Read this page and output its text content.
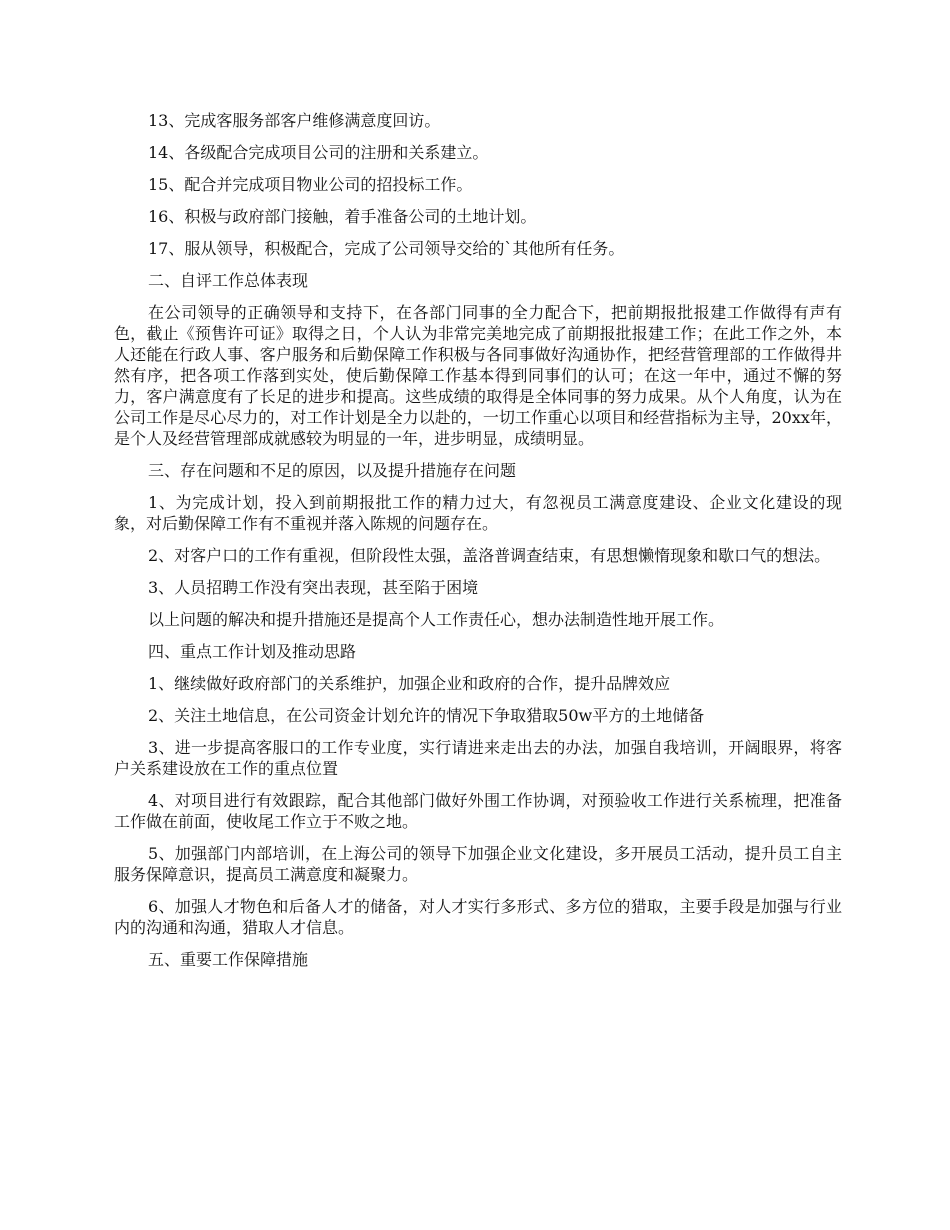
13、完成客服务部客户维修满意度回访。

14、各级配合完成项目公司的注册和关系建立。

15、配合并完成项目物业公司的招投标工作。

16、积极与政府部门接触，着手准备公司的土地计划。

17、服从领导，积极配合，完成了公司领导交给的`其他所有任务。

二、自评工作总体表现

在公司领导的正确领导和支持下，在各部门同事的全力配合下，把前期报批报建工作做得有声有色，截止《预售许可证》取得之日，个人认为非常完美地完成了前期报批报建工作；在此工作之外，本人还能在行政人事、客户服务和后勤保障工作积极与各同事做好沟通协作，把经营管理部的工作做得井然有序，把各项工作落到实处，使后勤保障工作基本得到同事们的认可；在这一年中，通过不懈的努力，客户满意度有了长足的进步和提高。这些成绩的取得是全体同事的努力成果。从个人角度，认为在公司工作是尽心尽力的，对工作计划是全力以赴的，一切工作重心以项目和经营指标为主导，20xx年，是个人及经营管理部成就感较为明显的一年，进步明显，成绩明显。

三、存在问题和不足的原因，以及提升措施存在问题

1、为完成计划，投入到前期报批工作的精力过大，有忽视员工满意度建设、企业文化建设的现象，对后勤保障工作有不重视并落入陈规的问题存在。

2、对客户口的工作有重视，但阶段性太强，盖洛普调查结束，有思想懒惰现象和歇口气的想法。

3、人员招聘工作没有突出表现，甚至陷于困境

以上问题的解决和提升措施还是提高个人工作责任心，想办法制造性地开展工作。

四、重点工作计划及推动思路

1、继续做好政府部门的关系维护，加强企业和政府的合作，提升品牌效应

2、关注土地信息，在公司资金计划允许的情况下争取猎取50w平方的土地储备

3、进一步提高客服口的工作专业度，实行请进来走出去的办法，加强自我培训，开阔眼界，将客户关系建设放在工作的重点位置

4、对项目进行有效跟踪，配合其他部门做好外围工作协调，对预验收工作进行关系梳理，把准备工作做在前面，使收尾工作立于不败之地。

5、加强部门内部培训，在上海公司的领导下加强企业文化建设，多开展员工活动，提升员工自主服务保障意识，提高员工满意度和凝聚力。

6、加强人才物色和后备人才的储备，对人才实行多形式、多方位的猎取，主要手段是加强与行业内的沟通和沟通，猎取人才信息。

五、重要工作保障措施
